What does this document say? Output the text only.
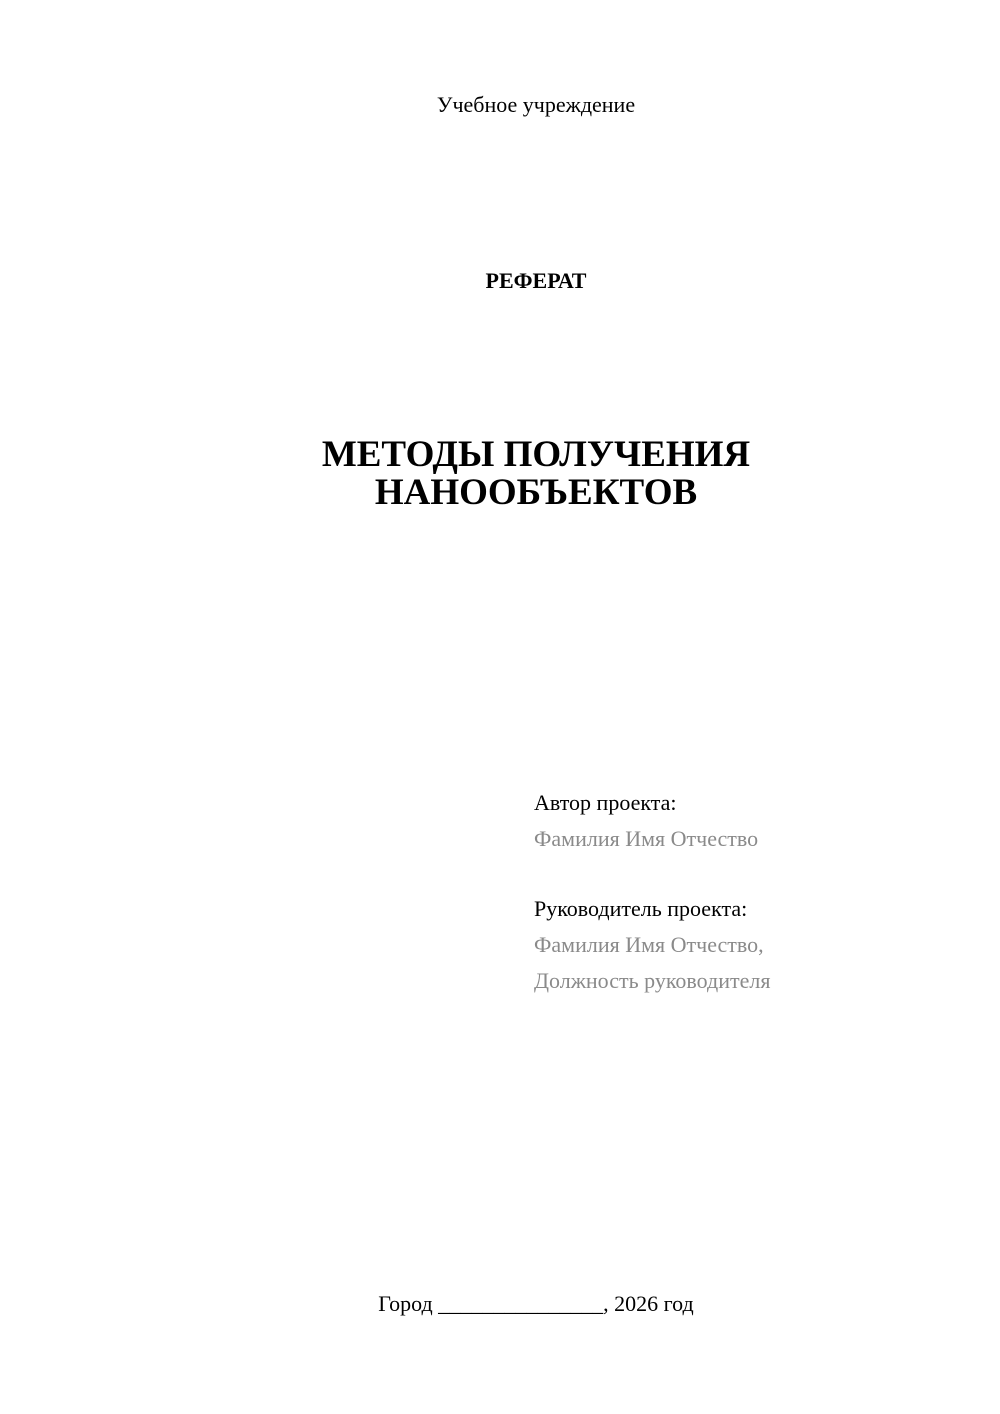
Учебное учреждение
РЕФЕРАТ
МЕТОДЫ ПОЛУЧЕНИЯ
НАНООБЪЕКТОВ
Автор проекта:
Фамилия Имя Отчество
Руководитель проекта:
Фамилия Имя Отчество,
Должность руководителя
Город _______________, 2026 год
